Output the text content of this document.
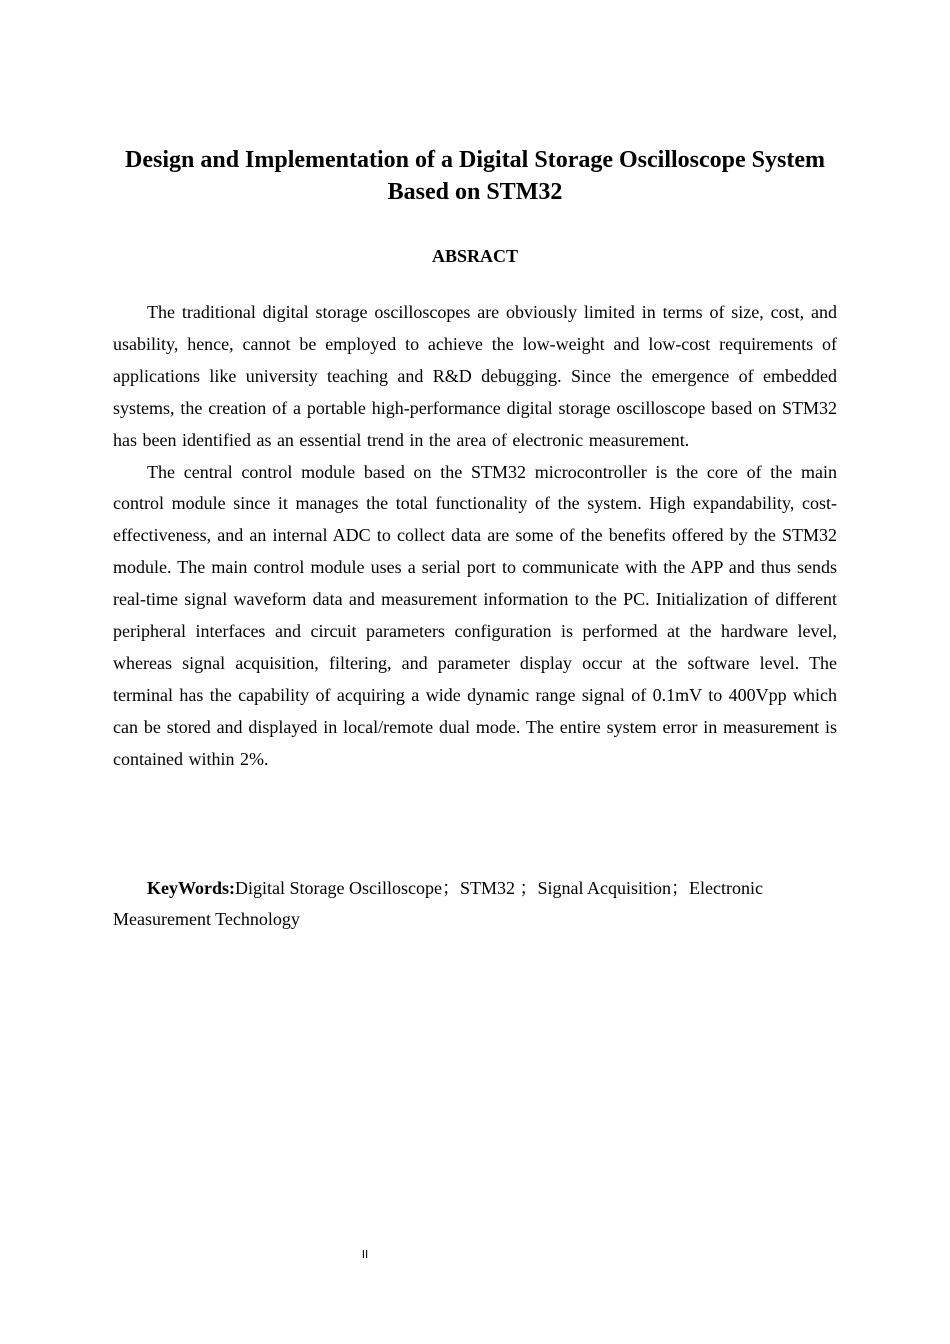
Design and Implementation of a Digital Storage Oscilloscope System Based on STM32
ABSRACT

The traditional digital storage oscilloscopes are obviously limited in terms of size, cost, and usability, hence, cannot be employed to achieve the low-weight and low-cost requirements of applications like university teaching and R&D debugging. Since the emergence of embedded systems, the creation of a portable high-performance digital storage oscilloscope based on STM32 has been identified as an essential trend in the area of electronic measurement.

The central control module based on the STM32 microcontroller is the core of the main control module since it manages the total functionality of the system. High expandability, cost-effectiveness, and an internal ADC to collect data are some of the benefits offered by the STM32 module. The main control module uses a serial port to communicate with the APP and thus sends real-time signal waveform data and measurement information to the PC. Initialization of different peripheral interfaces and circuit parameters configuration is performed at the hardware level, whereas signal acquisition, filtering, and parameter display occur at the software level. The terminal has the capability of acquiring a wide dynamic range signal of 0.1mV to 400Vpp which can be stored and displayed in local/remote dual mode. The entire system error in measurement is contained within 2%.

KeyWords:Digital Storage Oscilloscope；STM32 ；Signal Acquisition；Electronic Measurement Technology

II
